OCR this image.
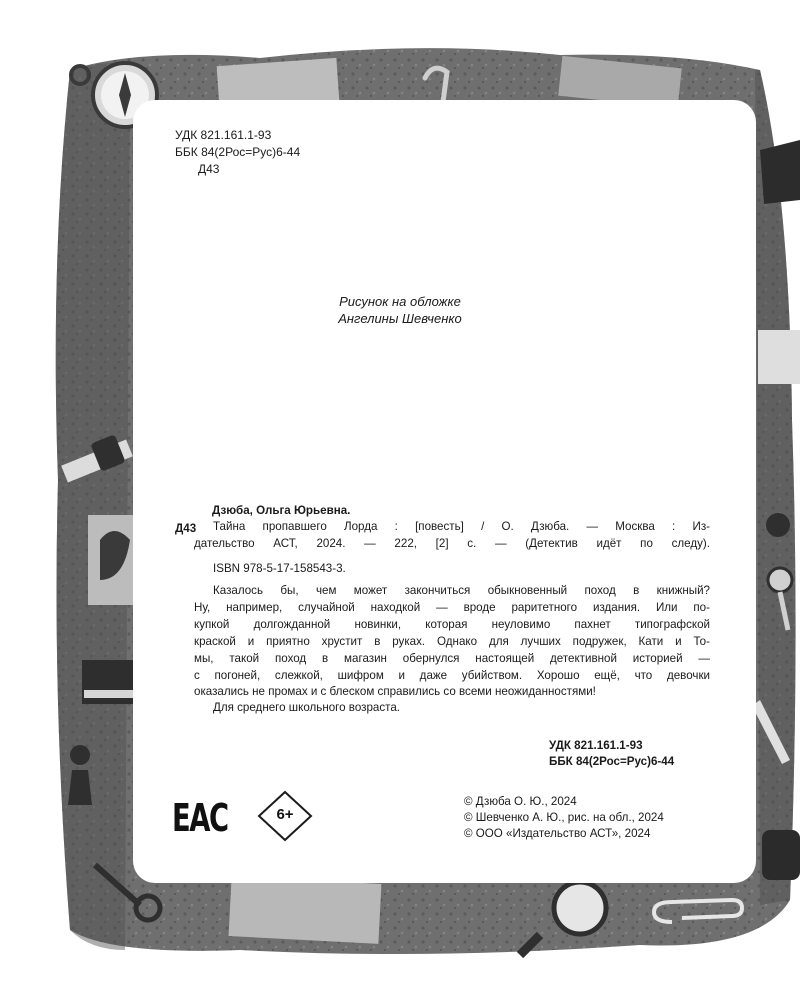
УДК 821.161.1-93

ББК 84(2Рос=Рус)6-44

Д43

Рисунок на обложке
Ангелины Шевченко

Дзюба, Ольга Юрьевна.

Д43 Тайна пропавшего Лорда : [повесть] / О. Дзюба. — Москва : Из-

дательство АСТ, 2024. — 222, [2] с. — (Детектив идёт по следу).

ISBN 978-5-17-158543-3.

Казалось бы, чем может закончиться обыкновенный поход в книжный?

Ну, например, случайной находкой — вроде раритетного издания. Или по-

купкой долгожданной новинки, которая неуловимо пахнет типографской

краской и приятно хрустит в руках. Однако для лучших подружек, Кати и То-

мы, такой поход в магазин обернулся настоящей детективной историей —

с погоней, слежкой, шифром и даже убийством. Хорошо ещё, что девочки

оказались не промах и с блеском справились со всеми неожиданностями!

Для среднего школьного возраста.

УДК 821.161.1-93

ББК 84(2Рос=Рус)6-44

ЕАС	6+

© Дзюба О. Ю., 2024

© Шевченко А. Ю., рис. на обл., 2024

© ООО «Издательство АСТ», 2024
